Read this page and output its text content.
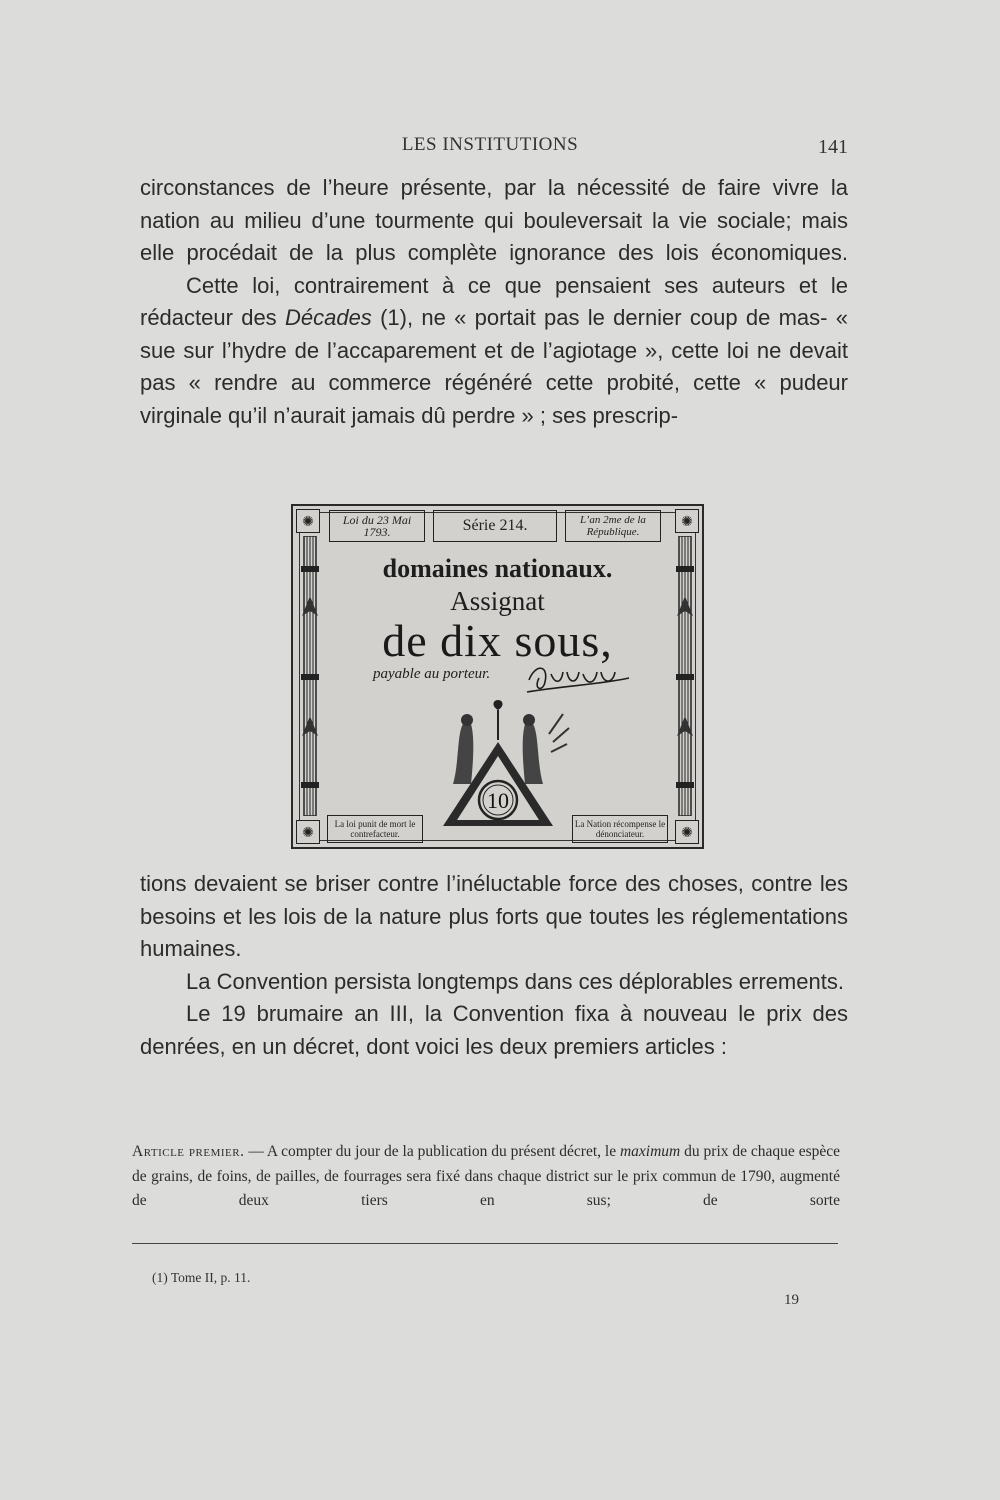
LES INSTITUTIONS	141

circonstances de l’heure présente, par la nécessité de faire vivre la nation au milieu d’une tourmente qui bouleversait la vie sociale; mais elle procédait de la plus complète ignorance des lois économiques.

Cette loi, contrairement à ce que pensaient ses auteurs et le rédacteur des Décades (1), ne « portait pas le dernier coup de mas- « sue sur l’hydre de l’accaparement et de l’agiotage », cette loi ne devait pas « rendre au commerce régénéré cette probité, cette « pudeur virginale qu’il n’aurait jamais dû perdre » ; ses prescrip-

✺	✺
✺	✺
Loi du 23 Mai 1793.	Série 214.	L’an 2me de la République.
domaines nationaux.
Assignat
de dix sous,
payable au porteur.
10
La loi punit de mort le contrefacteur.
La Nation récompense le dénonciateur.

tions devaient se briser contre l’inéluctable force des choses, contre les besoins et les lois de la nature plus forts que toutes les réglementations humaines.

La Convention persista longtemps dans ces déplorables errements.

Le 19 brumaire an III, la Convention fixa à nouveau le prix des denrées, en un décret, dont voici les deux premiers articles :

Article premier. — A compter du jour de la publication du présent décret, le maximum du prix de chaque espèce de grains, de foins, de pailles, de fourrages sera fixé dans chaque district sur le prix commun de 1790, augmenté de deux tiers en sus; de sorte
(1) Tome II, p. 11.
19
